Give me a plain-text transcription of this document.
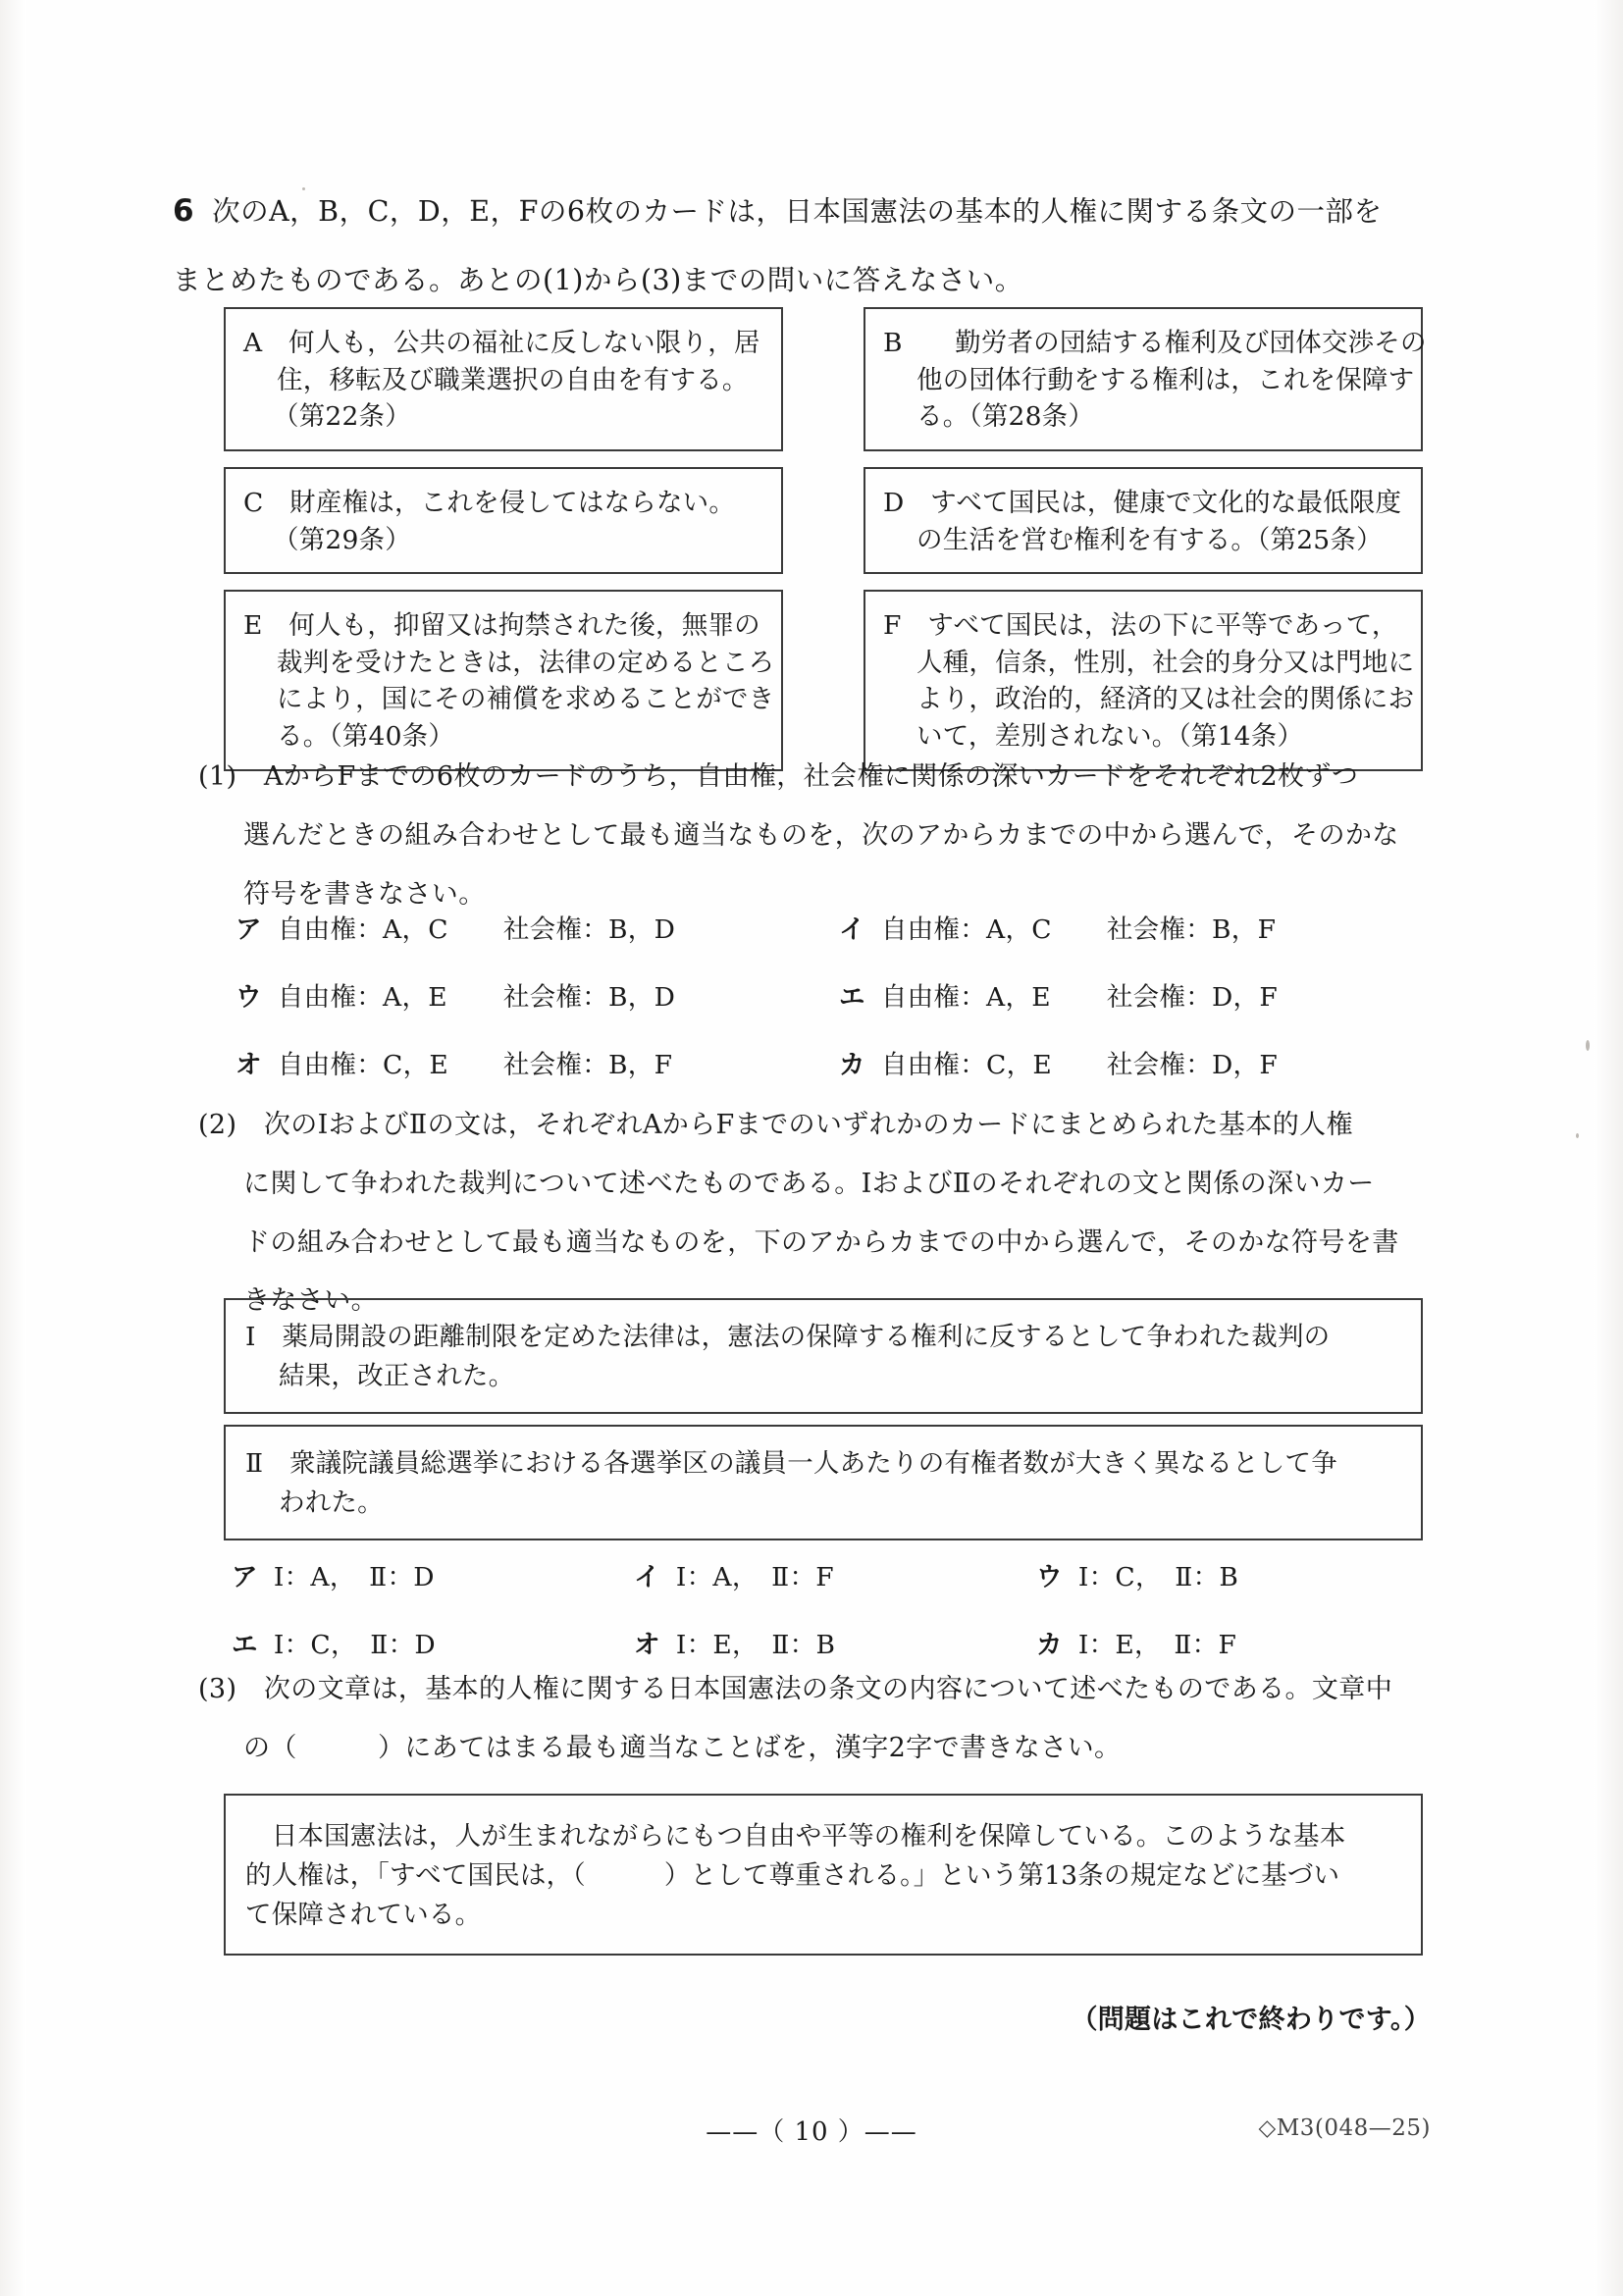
6 次のA，B，C，D，E，Fの6枚のカードは，日本国憲法の基本的人権に関する条文の一部を
まとめたものである。あとの(1)から(3)までの問いに答えなさい。
A　何人も，公共の福祉に反しない限り，居
住，移転及び職業選択の自由を有する。
（第22条）
B　　勤労者の団結する権利及び団体交渉その
他の団体行動をする権利は，これを保障す
る。（第28条）
C　財産権は，これを侵してはならない。
（第29条）
D　すべて国民は，健康で文化的な最低限度
の生活を営む権利を有する。（第25条）
E　何人も，抑留又は拘禁された後，無罪の
裁判を受けたときは，法律の定めるところ
により，国にその補償を求めることができ
る。（第40条）
F　すべて国民は，法の下に平等であって，
人種，信条，性別，社会的身分又は門地に
より，政治的，経済的又は社会的関係にお
いて，差別されない。（第14条）
(1)　AからFまでの6枚のカードのうち，自由権，社会権に関係の深いカードをそれぞれ2枚ずつ
選んだときの組み合わせとして最も適当なものを，次のアからカまでの中から選んで，そのかな
符号を書きなさい。
ア 自由権：A，C	社会権：B，D	イ 自由権：A，C	社会権：B，F
ウ 自由権：A，E	社会権：B，D	エ 自由権：A，E	社会権：D，F
オ 自由権：C，E	社会権：B，F	カ 自由権：C，E	社会権：D，F
(2)　次のⅠおよびⅡの文は，それぞれAからFまでのいずれかのカードにまとめられた基本的人権
に関して争われた裁判について述べたものである。ⅠおよびⅡのそれぞれの文と関係の深いカー
ドの組み合わせとして最も適当なものを，下のアからカまでの中から選んで，そのかな符号を書
きなさい。
Ⅰ　薬局開設の距離制限を定めた法律は，憲法の保障する権利に反するとして争われた裁判の
結果，改正された。
Ⅱ　衆議院議員総選挙における各選挙区の議員一人あたりの有権者数が大きく異なるとして争
われた。
ア Ⅰ：A，　Ⅱ：D	イ Ⅰ：A，　Ⅱ：F	ウ Ⅰ：C，　Ⅱ：B
エ Ⅰ：C，　Ⅱ：D	オ Ⅰ：E，　Ⅱ：B	カ Ⅰ：E，　Ⅱ：F
(3)　次の文章は，基本的人権に関する日本国憲法の条文の内容について述べたものである。文章中
の（　　　）にあてはまる最も適当なことばを，漢字2字で書きなさい。
　日本国憲法は，人が生まれながらにもつ自由や平等の権利を保障している。このような基本
的人権は，「すべて国民は，（　　　）として尊重される。」という第13条の規定などに基づい
て保障されている。
（問題はこれで終わりです。）
——（ 10 ）——	◇M3(048—25)
